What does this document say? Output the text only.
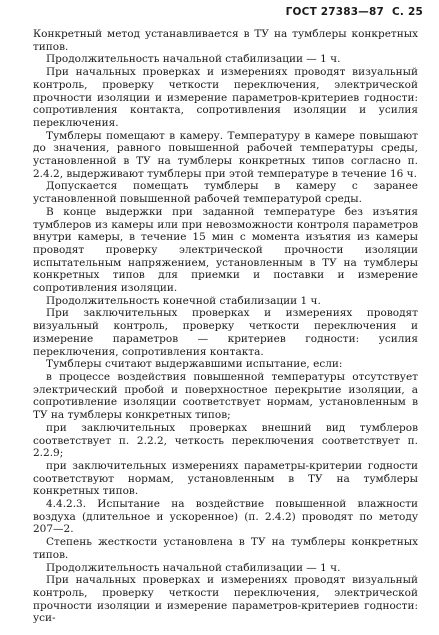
ГОСТ 27383—87 С. 25

Конкретный метод устанавливается в ТУ на тумблеры конкретных типов.

Продолжительность начальной стабилизации — 1 ч.

При начальных проверках и измерениях проводят визуальный контроль, проверку четкости переключения, электрической прочности изоляции и измерение параметров-критериев годности: сопротивления контакта, сопротивления изоляции и усилия переключения.

Тумблеры помещают в камеру. Температуру в камере повышают до значения, равного повышенной рабочей температуры среды, установленной в ТУ на тумблеры конкретных типов согласно п. 2.4.2, выдерживают тумблеры при этой температуре в течение 16 ч.

Допускается помещать тумблеры в камеру с заранее установленной повышенной рабочей температурой среды.

В конце выдержки при заданной температуре без изъятия тумблеров из камеры или при невозможности контроля параметров внутри камеры, в течение 15 мин с момента изъятия из камеры проводят проверку электрической прочности изоляции испытательным напряжением, установленным в ТУ на тумблеры конкретных типов для приемки и поставки и измерение сопротивления изоляции.

Продолжительность конечной стабилизации 1 ч.

При заключительных проверках и измерениях проводят визуальный контроль, проверку четкости переключения и измерение параметров — критериев годности: усилия переключения, сопротивления контакта.

Тумблеры считают выдержавшими испытание, если:

в процессе воздействия повышенной температуры отсутствует электрический пробой и поверхностное перекрытие изоляции, а сопротивление изоляции соответствует нормам, установленным в ТУ на тумблеры конкретных типов;

при заключительных проверках внешний вид тумблеров соответствует п. 2.2.2, четкость переключения соответствует п. 2.2.9;

при заключительных измерениях параметры-критерии годности соответствуют нормам, установленным в ТУ на тумблеры конкретных типов.

4.4.2.3. Испытание на воздействие повышенной влажности воздуха (длительное и ускоренное) (п. 2.4.2) проводят по методу 207—2.

Степень жесткости установлена в ТУ на тумблеры конкретных типов.

Продолжительность начальной стабилизации — 1 ч.

При начальных проверках и измерениях проводят визуальный контроль, проверку четкости переключения, электрической прочности изоляции и измерение параметров-критериев годности: уси-
